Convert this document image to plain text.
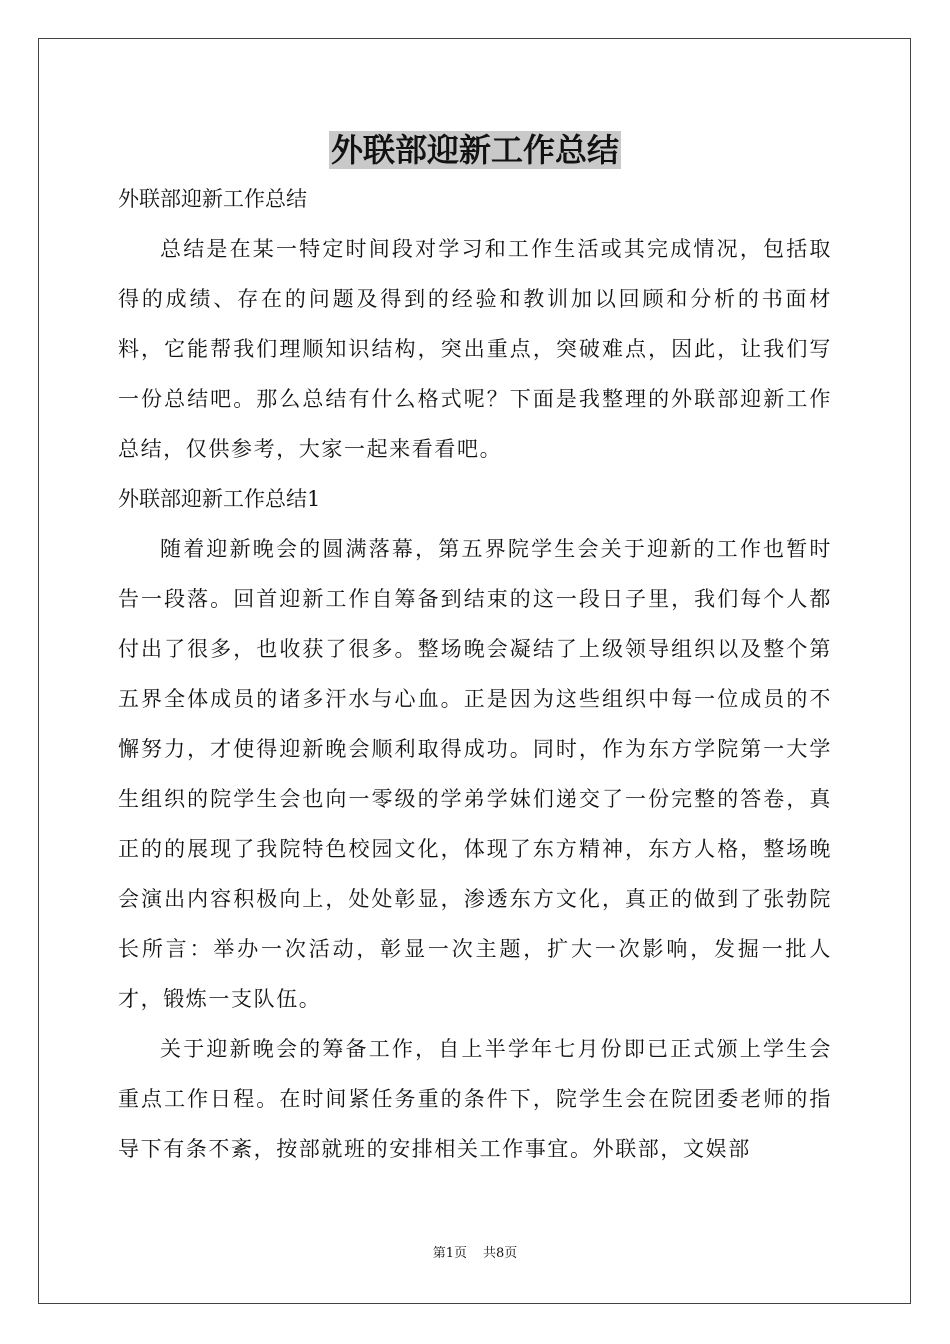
外联部迎新工作总结

外联部迎新工作总结

总结是在某一特定时间段对学习和工作生活或其完成情况，包括取得的成绩、存在的问题及得到的经验和教训加以回顾和分析的书面材料，它能帮我们理顺知识结构，突出重点，突破难点，因此，让我们写一份总结吧。那么总结有什么格式呢？下面是我整理的外联部迎新工作总结，仅供参考，大家一起来看看吧。

外联部迎新工作总结1

随着迎新晚会的圆满落幕，第五界院学生会关于迎新的工作也暂时告一段落。回首迎新工作自筹备到结束的这一段日子里，我们每个人都付出了很多，也收获了很多。整场晚会凝结了上级领导组织以及整个第五界全体成员的诸多汗水与心血。正是因为这些组织中每一位成员的不懈努力，才使得迎新晚会顺利取得成功。同时，作为东方学院第一大学生组织的院学生会也向一零级的学弟学妹们递交了一份完整的答卷，真正的的展现了我院特色校园文化，体现了东方精神，东方人格，整场晚会演出内容积极向上，处处彰显，渗透东方文化，真正的做到了张勃院长所言：举办一次活动，彰显一次主题，扩大一次影响，发掘一批人才，锻炼一支队伍。

关于迎新晚会的筹备工作，自上半学年七月份即已正式颁上学生会重点工作日程。在时间紧任务重的条件下，院学生会在院团委老师的指导下有条不紊，按部就班的安排相关工作事宜。外联部，文娱部

第1页 共8页
